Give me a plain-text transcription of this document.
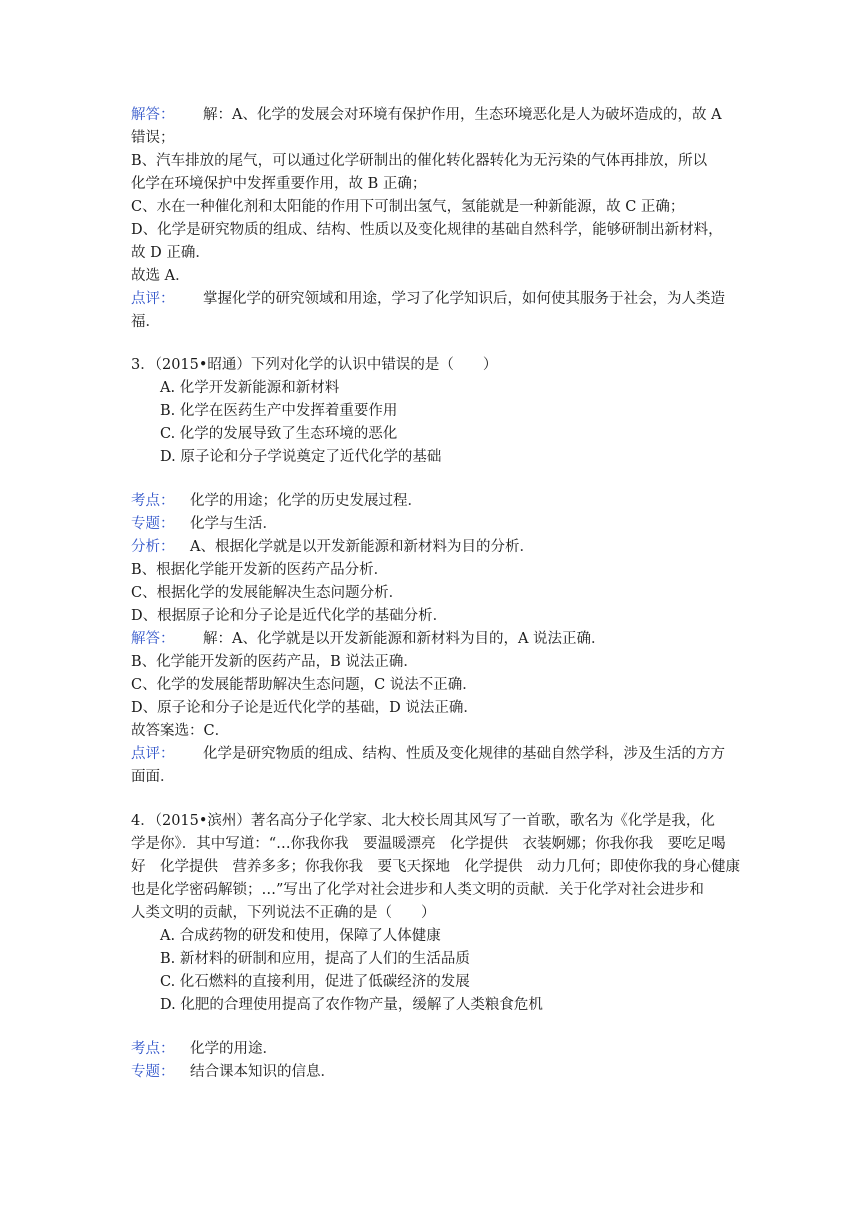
解答： 解：A、化学的发展会对环境有保护作用，生态环境恶化是人为破坏造成的，故 A
错误；
B、汽车排放的尾气，可以通过化学研制出的催化转化器转化为无污染的气体再排放，所以
化学在环境保护中发挥重要作用，故 B 正确；
C、水在一种催化剂和太阳能的作用下可制出氢气，氢能就是一种新能源，故 C 正确；
D、化学是研究物质的组成、结构、性质以及变化规律的基础自然科学，能够研制出新材料，
故 D 正确．
故选 A．
点评： 掌握化学的研究领域和用途，学习了化学知识后，如何使其服务于社会，为人类造
福．
3．（2015•昭通）下列对化学的认识中错误的是（　　）
A. 化学开发新能源和新材料
B. 化学在医药生产中发挥着重要作用
C. 化学的发展导致了生态环境的恶化
D. 原子论和分子学说奠定了近代化学的基础
考点： 化学的用途；化学的历史发展过程．
专题： 化学与生活．
分析： A、根据化学就是以开发新能源和新材料为目的分析．
B、根据化学能开发新的医药产品分析．
C、根据化学的发展能解决生态问题分析．
D、根据原子论和分子论是近代化学的基础分析．
解答： 解：A、化学就是以开发新能源和新材料为目的，A 说法正确．
B、化学能开发新的医药产品，B 说法正确．
C、化学的发展能帮助解决生态问题，C 说法不正确．
D、原子论和分子论是近代化学的基础，D 说法正确．
故答案选：C．
点评： 化学是研究物质的组成、结构、性质及变化规律的基础自然学科，涉及生活的方方
面面．
4．（2015•滨州）著名高分子化学家、北大校长周其风写了一首歌，歌名为《化学是我，化
学是你》．其中写道：“…你我你我　要温暖漂亮　化学提供　衣装婀娜；你我你我　要吃足喝
好　化学提供　营养多多；你我你我　要飞天探地　化学提供　动力几何；即使你我的身心健康
也是化学密码解锁；…”写出了化学对社会进步和人类文明的贡献．关于化学对社会进步和
人类文明的贡献，下列说法不正确的是（　　）
A. 合成药物的研发和使用，保障了人体健康
B. 新材料的研制和应用，提高了人们的生活品质
C. 化石燃料的直接利用，促进了低碳经济的发展
D. 化肥的合理使用提高了农作物产量，缓解了人类粮食危机
考点： 化学的用途．
专题： 结合课本知识的信息．
